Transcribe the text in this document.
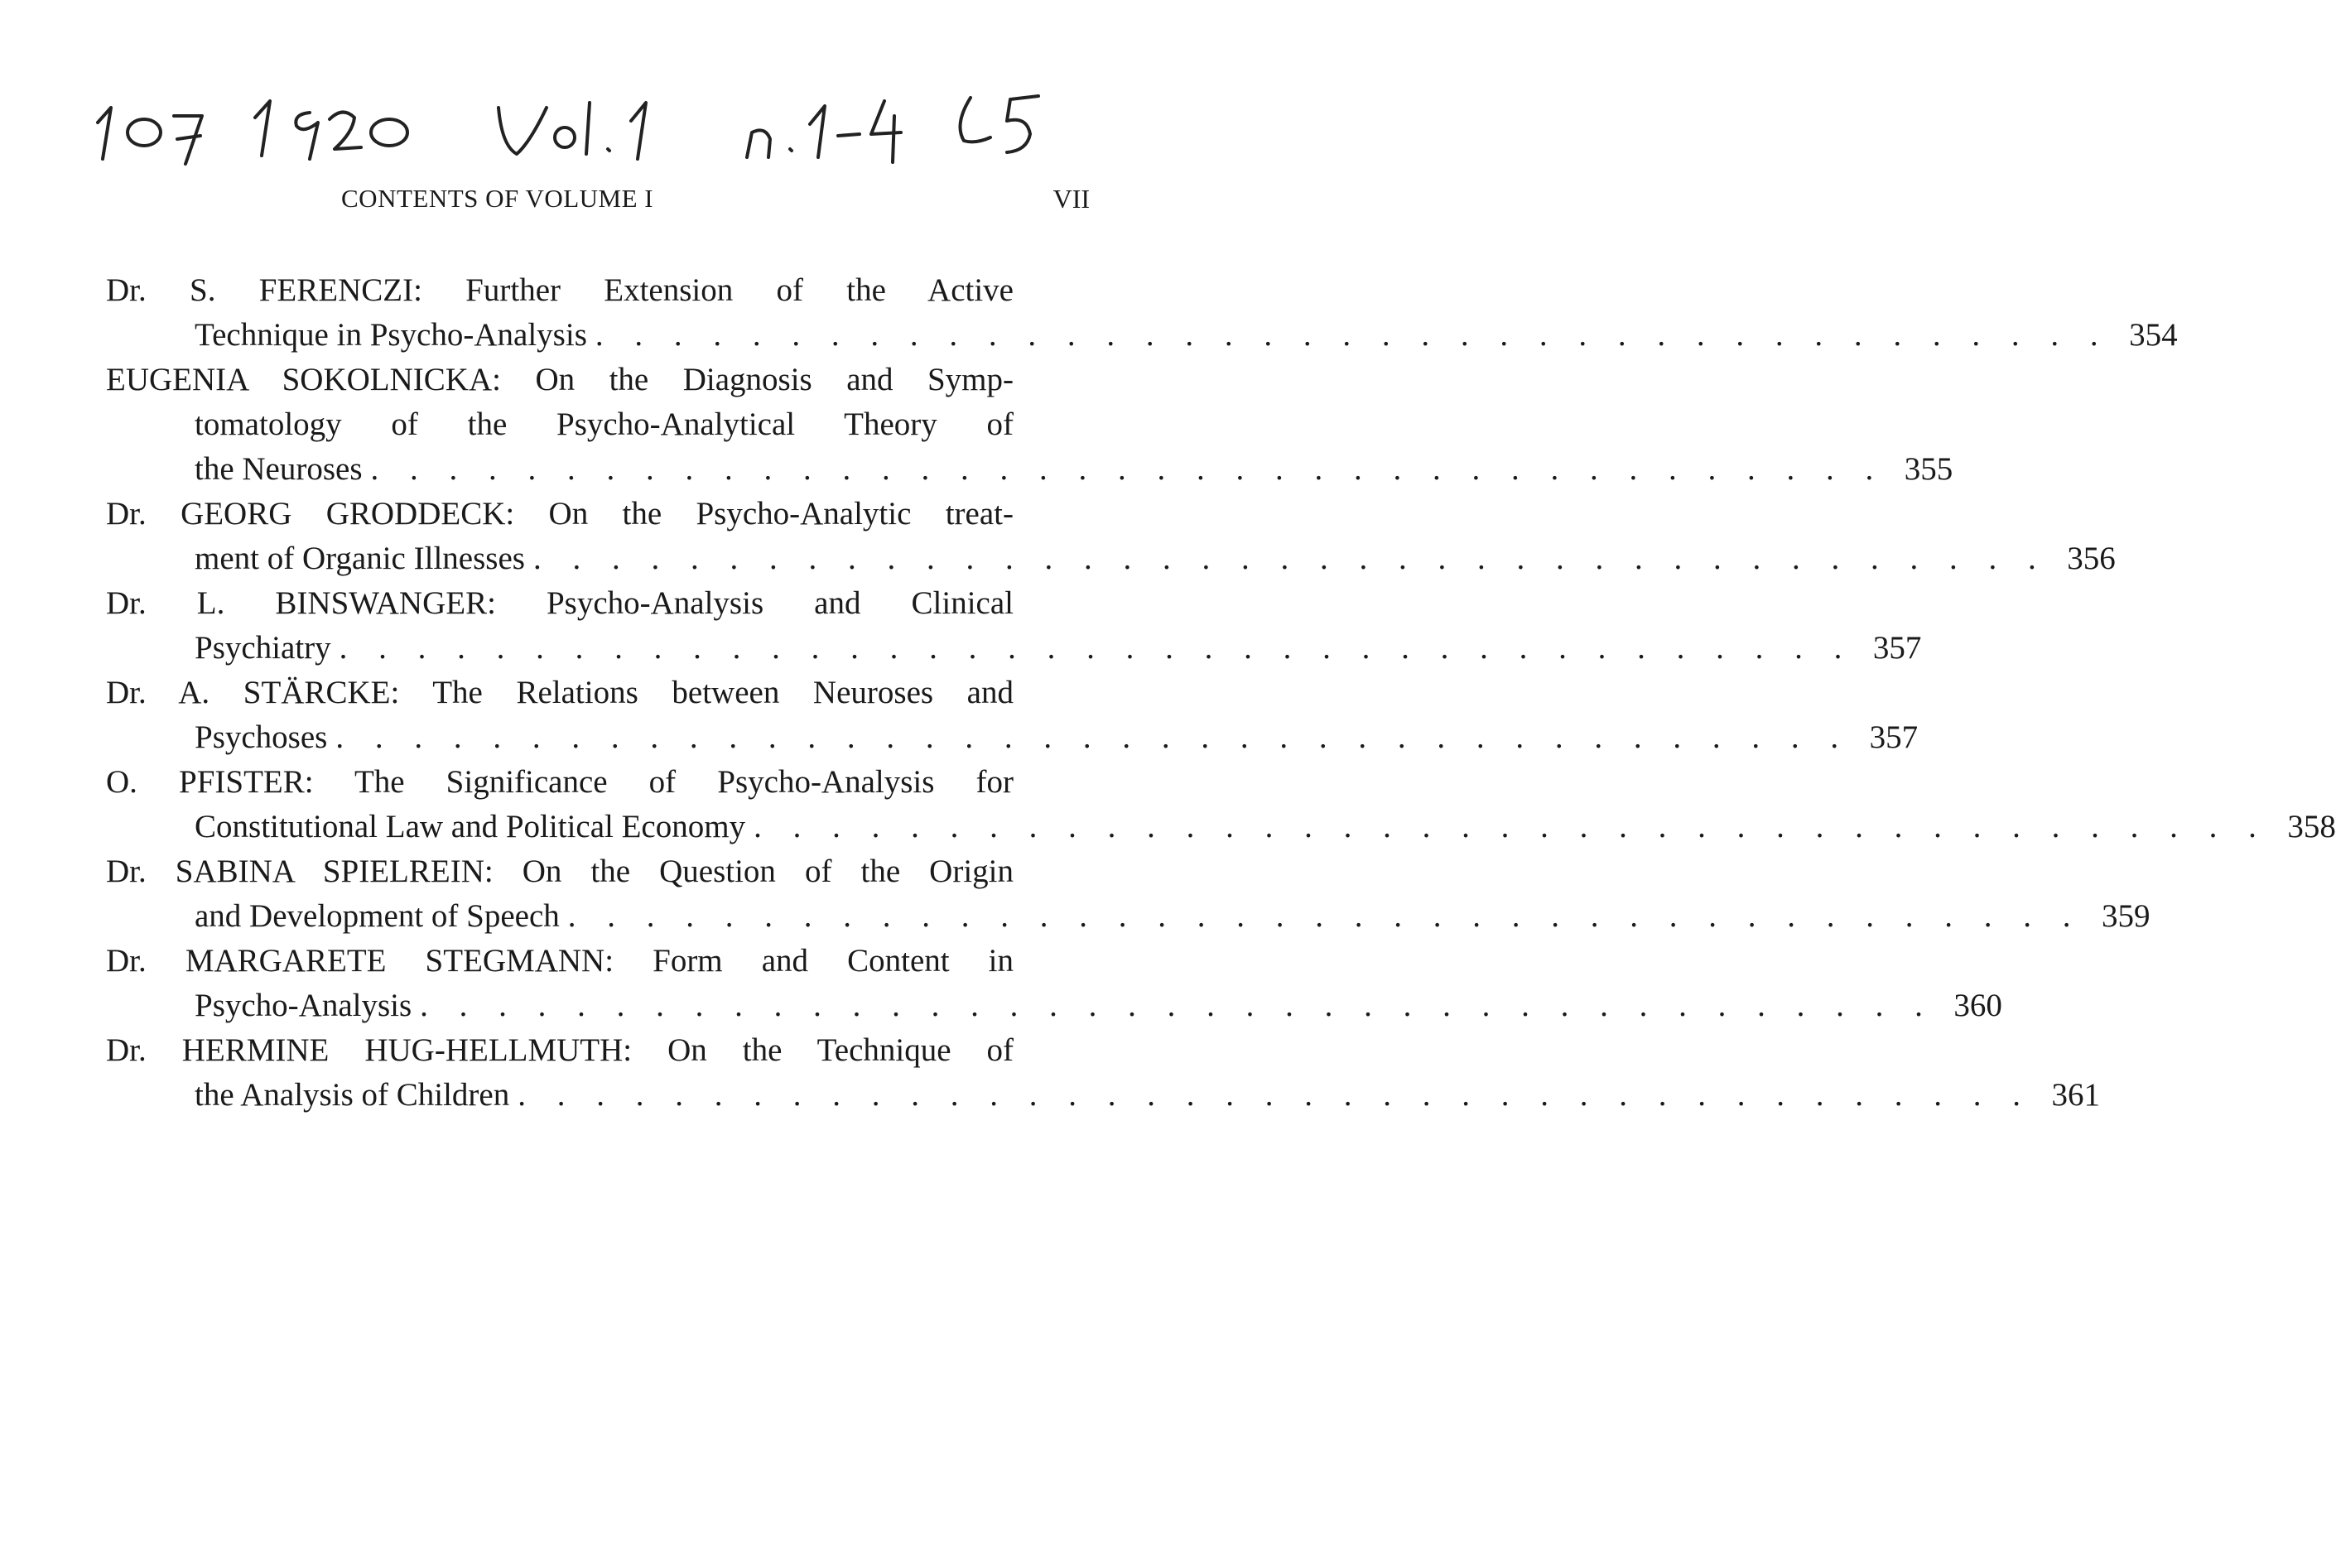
CONTENTS OF VOLUME I	VII
Dr. S. FERENCZI: Further Extension of the Active
Technique in Psycho-Analysis . . . . . . . . . . . . . . . . . . . . . . . . . . . . . . . . . . . . . . . 354
EUGENIA SOKOLNICKA: On the Diagnosis and Symp-
tomatology of the Psycho-Analytical Theory of
the Neuroses . . . . . . . . . . . . . . . . . . . . . . . . . . . . . . . . . . . . . . . 355
Dr. GEORG GRODDECK: On the Psycho-Analytic treat-
ment of Organic Illnesses . . . . . . . . . . . . . . . . . . . . . . . . . . . . . . . . . . . . . . . 356
Dr. L. BINSWANGER: Psycho-Analysis and Clinical
Psychiatry . . . . . . . . . . . . . . . . . . . . . . . . . . . . . . . . . . . . . . . 357
Dr. A. STÄRCKE: The Relations between Neuroses and
Psychoses . . . . . . . . . . . . . . . . . . . . . . . . . . . . . . . . . . . . . . . 357
O. PFISTER: The Significance of Psycho-Analysis for
Constitutional Law and Political Economy . . . . . . . . . . . . . . . . . . . . . . . . . . . . . . . . . . . . . . . 358
Dr. SABINA SPIELREIN: On the Question of the Origin
and Development of Speech . . . . . . . . . . . . . . . . . . . . . . . . . . . . . . . . . . . . . . . 359
Dr. MARGARETE STEGMANN: Form and Content in
Psycho-Analysis . . . . . . . . . . . . . . . . . . . . . . . . . . . . . . . . . . . . . . . 360
Dr. HERMINE HUG-HELLMUTH: On the Technique of
the Analysis of Children . . . . . . . . . . . . . . . . . . . . . . . . . . . . . . . . . . . . . . . 361
